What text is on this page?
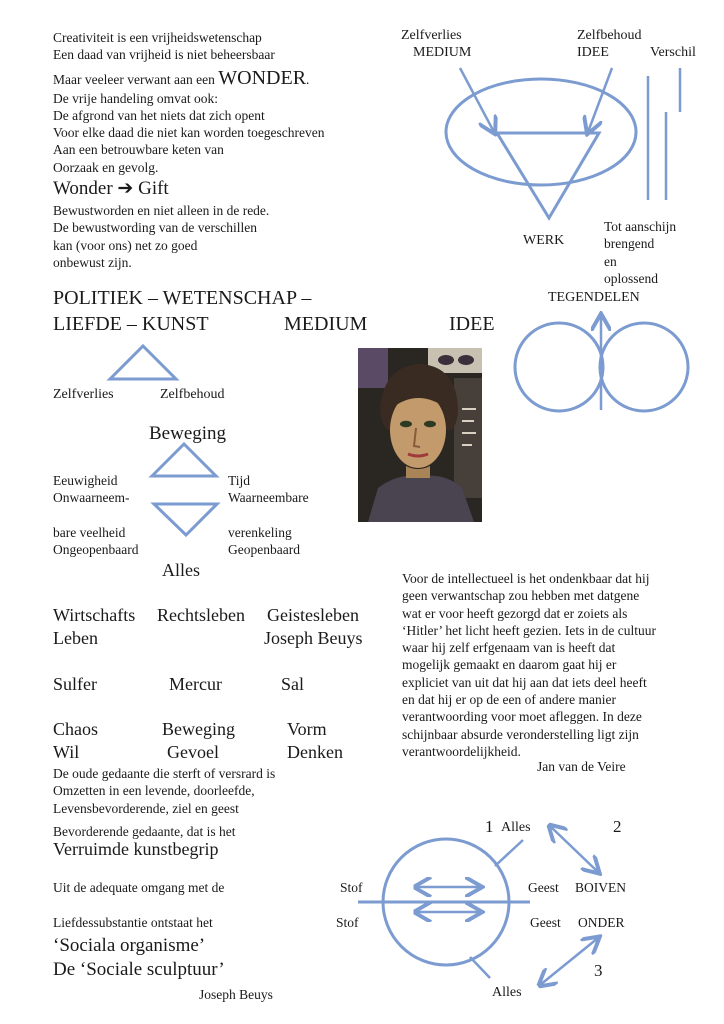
Creativiteit is een vrijheidswetenschap
Een daad van vrijheid is niet beheersbaar
Maar veeleer verwant aan een WONDER.
De vrije handeling omvat ook:
De afgrond van het niets dat zich opent
Voor elke daad die niet kan worden toegeschreven
Aan een betrouwbare keten van
Oorzaak en gevolg.
Wonder ➔ Gift
Bewustworden en niet alleen in de rede.
De bewustwording van de verschillen
kan (voor ons) net zo goed
onbewust zijn.
Zelfverlies
MEDIUM
Zelfbehoud
IDEE	Verschil
WERK
Tot aanschijn
brengend
en
oplossend
POLITIEK – WETENSCHAP –
LIEFDE – KUNST	MEDIUM	IDEE
TEGENDELEN
Zelfverlies	Zelfbehoud
Beweging
Eeuwigheid
Onwaarneem-
bare veelheid
Ongeopenbaard
Tijd
Waarneembare
verenkeling
Geopenbaard
Alles
Wirtschafts Rechtsleben Geistesleben
Leben	Joseph Beuys
Sulfer	Mercur	Sal
Chaos	Beweging	Vorm
Wil	Gevoel	Denken
De oude gedaante die sterft of versrard is
Omzetten in een levende, doorleefde,
Levensbevorderende, ziel en geest
Bevorderende gedaante, dat is het
Verruimde kunstbegrip
Uit de adequate omgang met de
Liefdessubstantie ontstaat het
‘Sociala organisme’
De ‘Sociale sculptuur’
Joseph Beuys
Voor de intellectueel is het ondenkbaar dat hij
geen verwantschap zou hebben met datgene
wat er voor heeft gezorgd dat er zoiets als
‘Hitler’ het licht heeft gezien. Iets in de cultuur
waar hij zelf erfgenaam van is heeft dat
mogelijk gemaakt en daarom gaat hij er
expliciet van uit dat hij aan dat iets deel heeft
en dat hij er op de een of andere manier
verantwoording voor moet afleggen. In deze
schijnbaar absurde veronderstelling ligt zijn
verantwoordelijkheid.
Jan van de Veire
1 Alles	2
Stof	Geest BOIVEN
Stof	Geest ONDER
3
Alles
